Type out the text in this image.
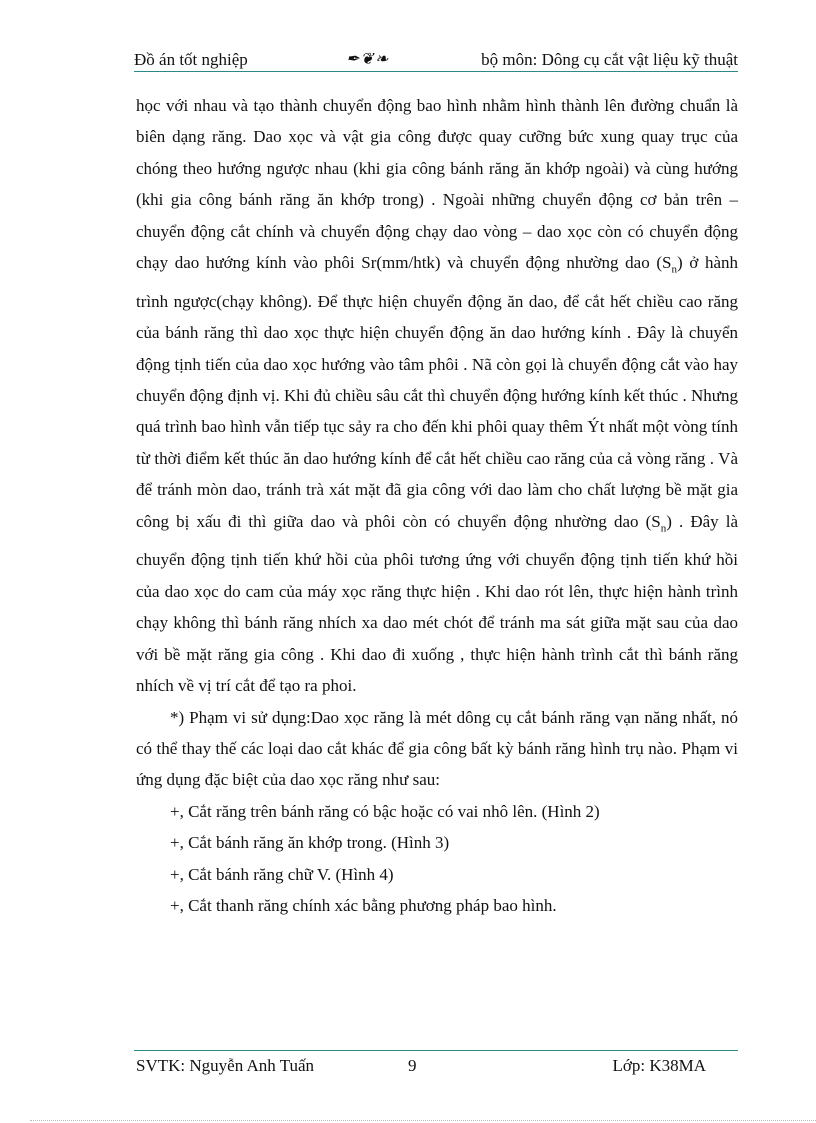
Đồ án tốt nghiệp	✒❦❧	bộ môn: Dông cụ cắt vật liệu kỹ thuật

học với nhau và tạo thành chuyển động bao hình nhằm hình thành lên đường chuẩn là biên dạng răng. Dao xọc và vật gia công được quay cưỡng bức xung quay trục của chóng theo hướng ngược nhau (khi gia công bánh răng ăn khớp ngoài) và cùng hướng (khi gia công bánh răng ăn khớp trong) . Ngoài những chuyển động cơ bản trên – chuyển động cắt chính và chuyển động chạy dao vòng – dao xọc còn có chuyển động chạy dao hướng kính vào phôi Sr(mm/htk) và chuyển động nhường dao $(S_n)$ ở hành trình ngược(chạy không). Để thực hiện chuyển động ăn dao, để cắt hết chiều cao răng của bánh răng thì dao xọc thực hiện chuyển động ăn dao hướng kính . Đây là chuyển động tịnh tiến của dao xọc hướng vào tâm phôi . Nã còn gọi là chuyển động cắt vào hay chuyển động định vị. Khi đủ chiều sâu cắt thì chuyển động hướng kính kết thúc . Nhưng quá trình bao hình vẫn tiếp tục sảy ra cho đến khi phôi quay thêm Ýt nhất một vòng tính từ thời điểm kết thúc ăn dao hướng kính để cắt hết chiều cao răng của cả vòng răng . Và để tránh mòn dao, tránh trà xát mặt đã gia công với dao làm cho chất lượng bề mặt gia công bị xấu đi thì giữa dao và phôi còn có chuyển động nhường dao $(S_n)$ . Đây là chuyển động tịnh tiến khứ hồi của phôi tương ứng với chuyển động tịnh tiến khứ hồi của dao xọc do cam của máy xọc răng thực hiện . Khi dao rót lên, thực hiện hành trình chạy không thì bánh răng nhích xa dao mét chót để tránh ma sát giữa mặt sau của dao với bề mặt răng gia công . Khi dao đi xuống , thực hiện hành trình cắt thì bánh răng nhích về vị trí cắt để tạo ra phoi.

*) Phạm vi sử dụng:Dao xọc răng là mét dông cụ cắt bánh răng vạn năng nhất, nó có thể thay thế các loại dao cắt khác để gia công bất kỳ bánh răng hình trụ nào. Phạm vi ứng dụng đặc biệt của dao xọc răng như sau:

+, Cắt răng trên bánh răng có bậc hoặc có vai nhô lên. (Hình 2)

+, Cắt bánh răng ăn khớp trong. (Hình 3)

+, Cắt bánh răng chữ V. (Hình 4)

+, Cắt thanh răng chính xác bằng phương pháp bao hình.

SVTK: Nguyễn Anh Tuấn	9	Lớp: K38MA
